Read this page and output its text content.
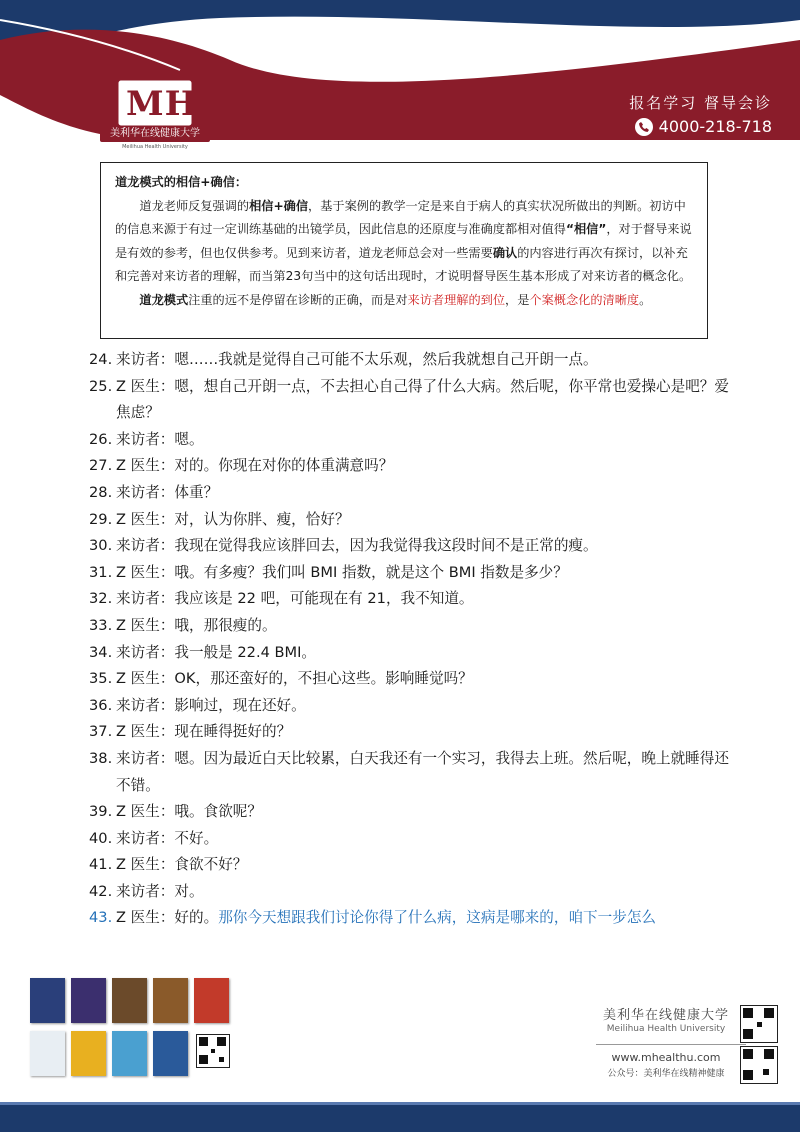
MH
美利华在线健康大学
Meilihua Health University
报名学习 督导会诊
4000-218-718

道龙模式的相信+确信：

道龙老师反复强调的相信+确信，基于案例的教学一定是来自于病人的真实状况所做出的判断。初访中的信息来源于有过一定训练基础的出镜学员，因此信息的还原度与准确度都相对值得“相信”，对于督导来说是有效的参考，但也仅供参考。见到来访者，道龙老师总会对一些需要确认的内容进行再次有探讨，以补充和完善对来访者的理解，而当第23句当中的这句话出现时，才说明督导医生基本形成了对来访者的概念化。

道龙模式注重的远不是停留在诊断的正确，而是对来访者理解的到位，是个案概念化的清晰度。

24. 来访者：嗯……我就是觉得自己可能不太乐观，然后我就想自己开朗一点。
25. Z 医生：嗯，想自己开朗一点，不去担心自己得了什么大病。然后呢，你平常也爱操心是吧？爱焦虑？
26. 来访者：嗯。
27. Z 医生：对的。你现在对你的体重满意吗？
28. 来访者：体重？
29. Z 医生：对，认为你胖、瘦，恰好？
30. 来访者：我现在觉得我应该胖回去，因为我觉得我这段时间不是正常的瘦。
31. Z 医生：哦。有多瘦？我们叫 BMI 指数，就是这个 BMI 指数是多少？
32. 来访者：我应该是 22 吧，可能现在有 21，我不知道。
33. Z 医生：哦，那很瘦的。
34. 来访者：我一般是 22.4 BMI。
35. Z 医生：OK，那还蛮好的，不担心这些。影响睡觉吗？
36. 来访者：影响过，现在还好。
37. Z 医生：现在睡得挺好的？
38. 来访者：嗯。因为最近白天比较累，白天我还有一个实习，我得去上班。然后呢，晚上就睡得还不错。
39. Z 医生：哦。食欲呢？
40. 来访者：不好。
41. Z 医生：食欲不好？
42. 来访者：对。
43. Z 医生：好的。那你今天想跟我们讨论你得了什么病，这病是哪来的，咱下一步怎么
美利华在线健康大学
Meilihua Health University
www.mhealthu.com
公众号：美利华在线精神健康
